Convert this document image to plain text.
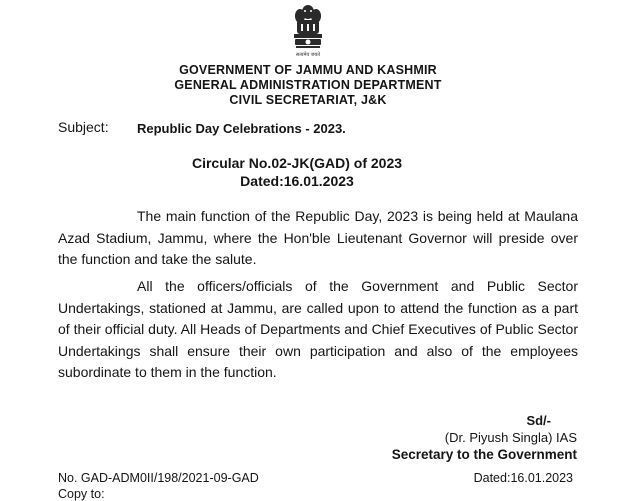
सत्यमेव जयते
GOVERNMENT OF JAMMU AND KASHMIR
GENERAL ADMINISTRATION DEPARTMENT
CIVIL SECRETARIAT, J&K
Subject: Republic Day Celebrations - 2023.
Circular No.02-JK(GAD) of 2023
Dated:16.01.2023
The main function of the Republic Day, 2023 is being held at Maulana Azad Stadium, Jammu, where the Hon'ble Lieutenant Governor will preside over the function and take the salute.
All the officers/officials of the Government and Public Sector Undertakings, stationed at Jammu, are called upon to attend the function as a part of their official duty. All Heads of Departments and Chief Executives of Public Sector Undertakings shall ensure their own participation and also of the employees subordinate to them in the function.
Sd/-
(Dr. Piyush Singla) IAS
Secretary to the Government
No. GAD-ADM0II/198/2021-09-GAD	Dated:16.01.2023
Copy to:
